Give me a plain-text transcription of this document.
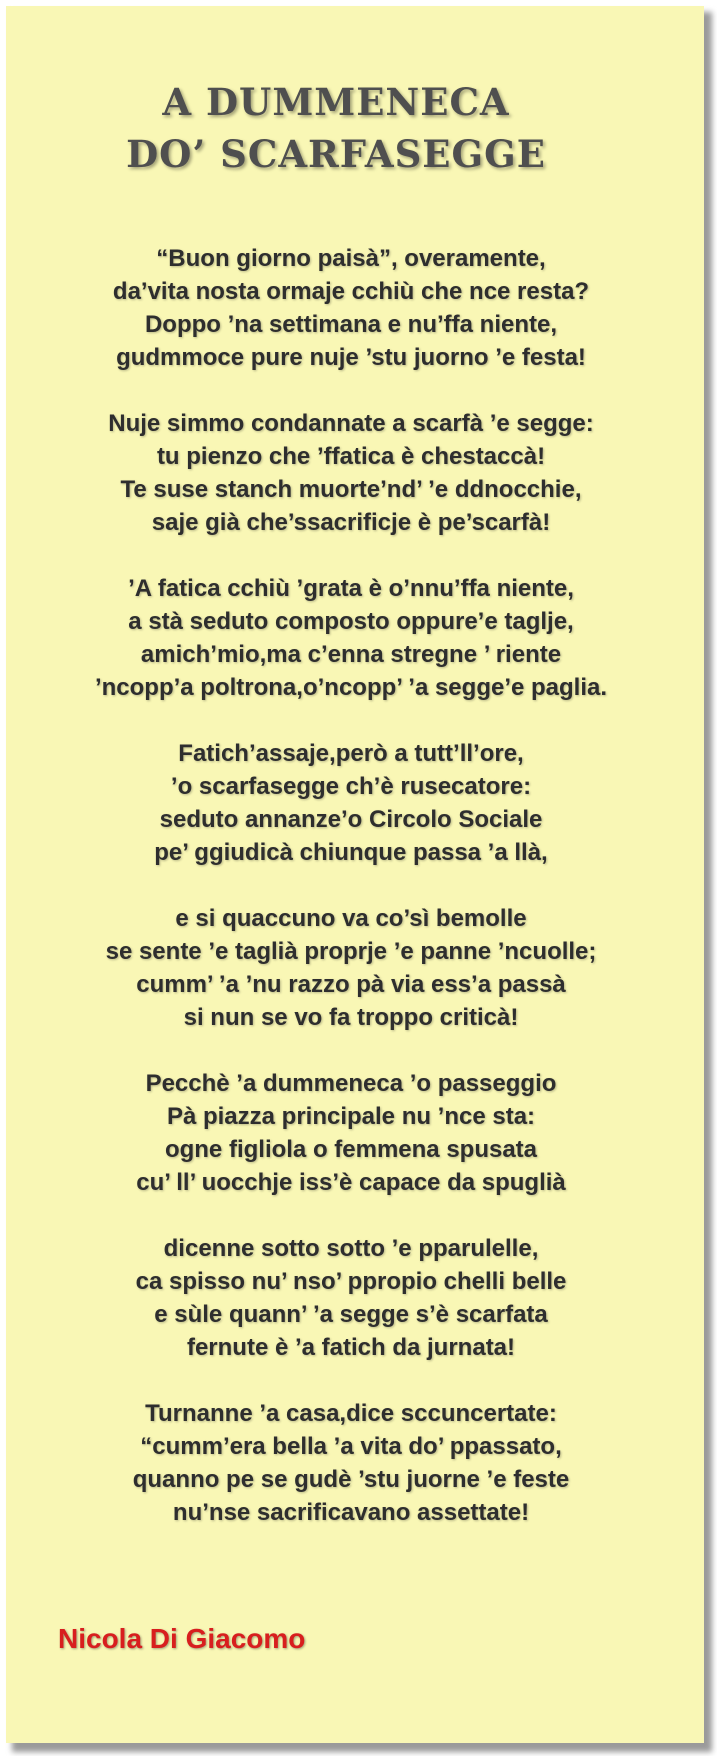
A DUMMENECA
DO’ SCARFASEGGE

“Buon giorno paisà”, overamente,
da’vita nosta ormaje cchiù che nce resta?
Doppo ’na settimana e nu’ffa niente,
gudmmoce pure nuje ’stu juorno ’e festa!

Nuje simmo condannate a scarfà ’e segge:
tu pienzo che ’ffatica è chestaccà!
Te suse stanch muorte’nd’ ’e ddnocchie,
saje già che’ssacrificje è pe’scarfà!

’A fatica cchiù ’grata è o’nnu’ffa niente,
a stà seduto composto oppure’e taglje,
amich’mio,ma c’enna stregne ’ riente
’ncopp’a poltrona,o’ncopp’ ’a segge’e paglia.

Fatich’assaje,però a tutt’ll’ore,
’o scarfasegge ch’è rusecatore:
seduto annanze’o Circolo Sociale
pe’ ggiudicà chiunque passa ’a llà,

e si quaccuno va co’sì bemolle
se sente ’e taglià proprje ’e panne ’ncuolle;
cumm’ ’a ’nu razzo pà via ess’a passà
si nun se vo fa troppo criticà!

Pecchè ’a dummeneca ’o passeggio
Pà piazza principale nu ’nce sta:
ogne figliola o femmena spusata
cu’ ll’ uocchje iss’è capace da spuglià

dicenne sotto sotto ’e pparulelle,
ca spisso nu’ nso’ ppropio chelli belle
e sùle quann’ ’a segge s’è scarfata
fernute è ’a fatich da jurnata!

Turnanne ’a casa,dice sccuncertate:
“cumm’era bella ’a vita do’ ppassato,
quanno pe se gudè ’stu juorne ’e feste
nu’nse sacrificavano assettate!

Nicola Di Giacomo
